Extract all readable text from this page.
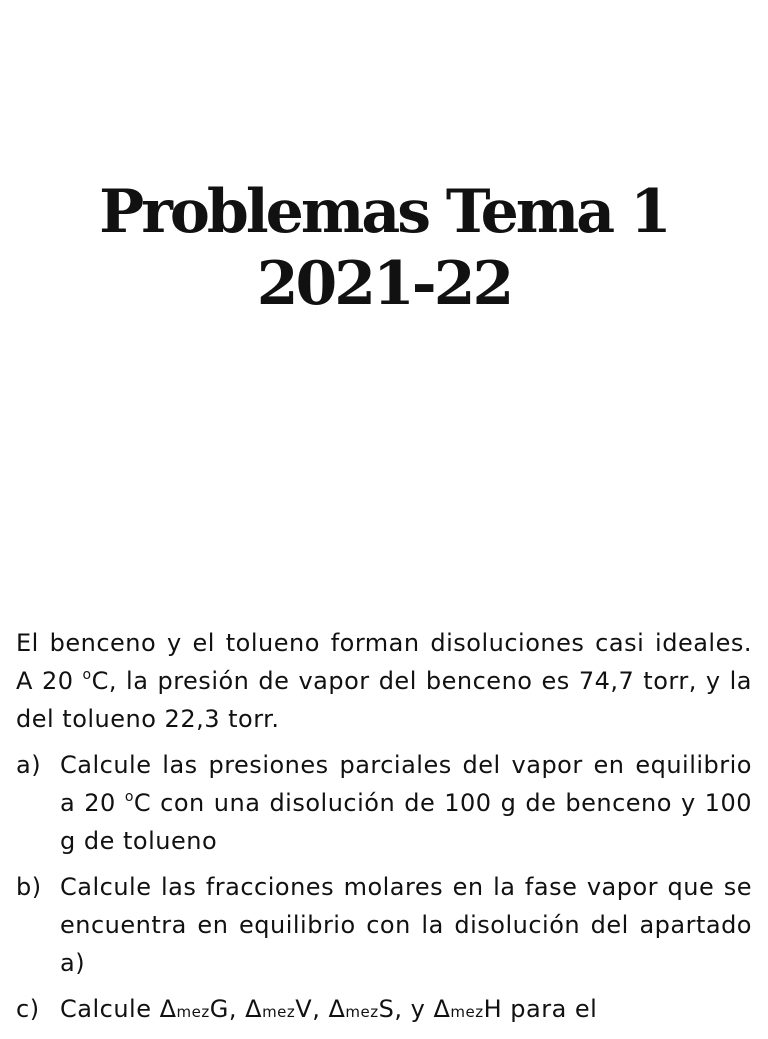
Problemas Tema 1
2021-22

El benceno y el tolueno forman disoluciones casi ideales. A 20 $^o$C, la presión de vapor del benceno es 74,7 torr, y la del tolueno 22,3 torr.

a) Calcule las presiones parciales del vapor en equilibrio a 20 $^o$C con una disolución de 100 g de benceno y 100 g de tolueno
b) Calcule las fracciones molares en la fase vapor que se encuentra en equilibrio con la disolución del apartado a)
c) Calcule ΔmezG, ΔmezV, ΔmezS, y ΔmezH para el
